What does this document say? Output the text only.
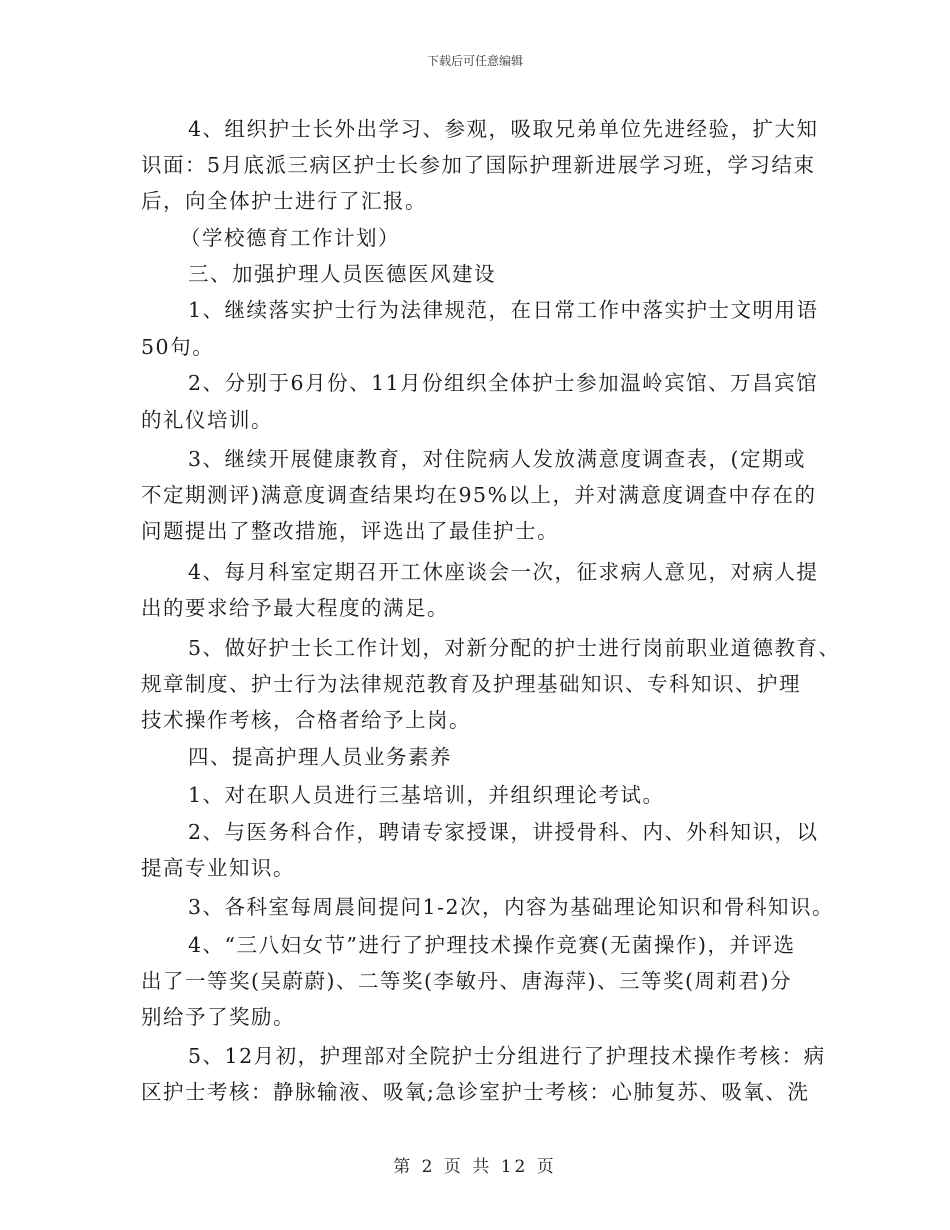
下载后可任意编辑
4、组织护士长外出学习、参观，吸取兄弟单位先进经验，扩大知
识面：5月底派三病区护士长参加了国际护理新进展学习班，学习结束
后，向全体护士进行了汇报。
（学校德育工作计划）
三、加强护理人员医德医风建设
1、继续落实护士行为法律规范，在日常工作中落实护士文明用语
50句。
2、分别于6月份、11月份组织全体护士参加温岭宾馆、万昌宾馆
的礼仪培训。
3、继续开展健康教育，对住院病人发放满意度调查表，(定期或
不定期测评)满意度调查结果均在95%以上，并对满意度调查中存在的
问题提出了整改措施，评选出了最佳护士。
4、每月科室定期召开工休座谈会一次，征求病人意见，对病人提
出的要求给予最大程度的满足。
5、做好护士长工作计划，对新分配的护士进行岗前职业道德教育、
规章制度、护士行为法律规范教育及护理基础知识、专科知识、护理
技术操作考核，合格者给予上岗。
四、提高护理人员业务素养
1、对在职人员进行三基培训，并组织理论考试。
2、与医务科合作，聘请专家授课，讲授骨科、内、外科知识，以
提高专业知识。
3、各科室每周晨间提问1-2次，内容为基础理论知识和骨科知识。
4、“三八妇女节”进行了护理技术操作竞赛(无菌操作)，并评选
出了一等奖(吴蔚蔚)、二等奖(李敏丹、唐海萍)、三等奖(周莉君)分
别给予了奖励。
5、12月初，护理部对全院护士分组进行了护理技术操作考核：病
区护士考核：静脉输液、吸氧;急诊室护士考核：心肺复苏、吸氧、洗
第 2 页 共 12 页
